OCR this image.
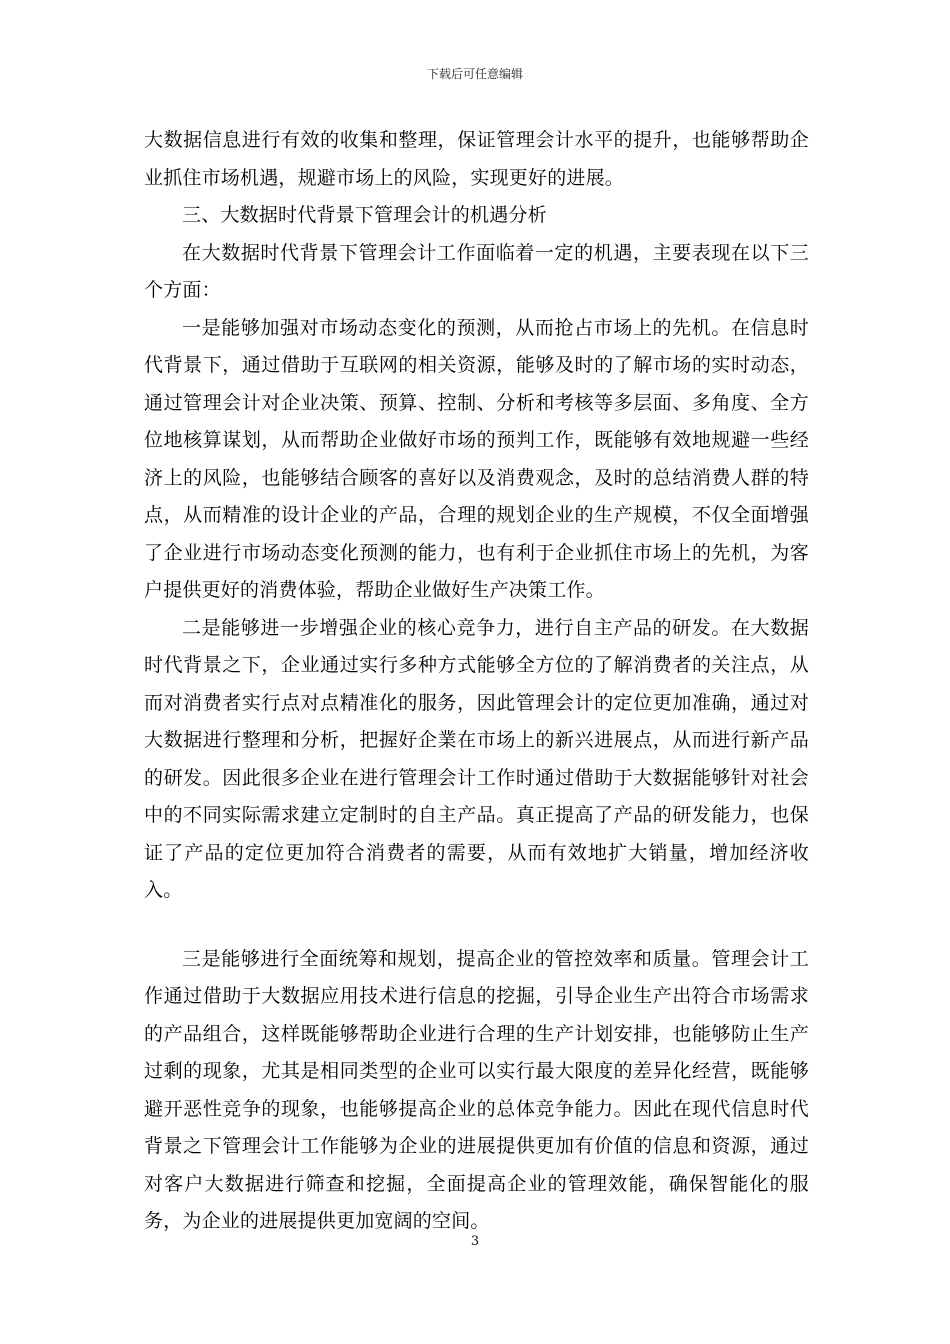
下载后可任意编辑

大数据信息进行有效的收集和整理，保证管理会计水平的提升，也能够帮助企业抓住市场机遇，规避市场上的风险，实现更好的进展。

三、大数据时代背景下管理会计的机遇分析

在大数据时代背景下管理会计工作面临着一定的机遇，主要表现在以下三个方面：

一是能够加强对市场动态变化的预测，从而抢占市场上的先机。在信息时代背景下，通过借助于互联网的相关资源，能够及时的了解市场的实时动态，通过管理会计对企业决策、预算、控制、分析和考核等多层面、多角度、全方位地核算谋划，从而帮助企业做好市场的预判工作，既能够有效地规避一些经济上的风险，也能够结合顾客的喜好以及消费观念，及时的总结消费人群的特点，从而精准的设计企业的产品，合理的规划企业的生产规模，不仅全面增强了企业进行市场动态变化预测的能力，也有利于企业抓住市场上的先机，为客户提供更好的消费体验，帮助企业做好生产决策工作。

二是能够进一步增强企业的核心竞争力，进行自主产品的研发。在大数据时代背景之下，企业通过实行多种方式能够全方位的了解消费者的关注点，从而对消费者实行点对点精准化的服务，因此管理会计的定位更加准确，通过对大数据进行整理和分析，把握好企業在市场上的新兴进展点，从而进行新产品的研发。因此很多企业在进行管理会计工作时通过借助于大数据能够针对社会中的不同实际需求建立定制时的自主产品。真正提高了产品的研发能力，也保证了产品的定位更加符合消费者的需要，从而有效地扩大销量，增加经济收入。

三是能够进行全面统筹和规划，提高企业的管控效率和质量。管理会计工作通过借助于大数据应用技术进行信息的挖掘，引导企业生产出符合市场需求的产品组合，这样既能够帮助企业进行合理的生产计划安排，也能够防止生产过剩的现象，尤其是相同类型的企业可以实行最大限度的差异化经营，既能够避开恶性竞争的现象，也能够提高企业的总体竞争能力。因此在现代信息时代背景之下管理会计工作能够为企业的进展提供更加有价值的信息和资源，通过对客户大数据进行筛查和挖掘，全面提高企业的管理效能，确保智能化的服务，为企业的进展提供更加宽阔的空间。

3
